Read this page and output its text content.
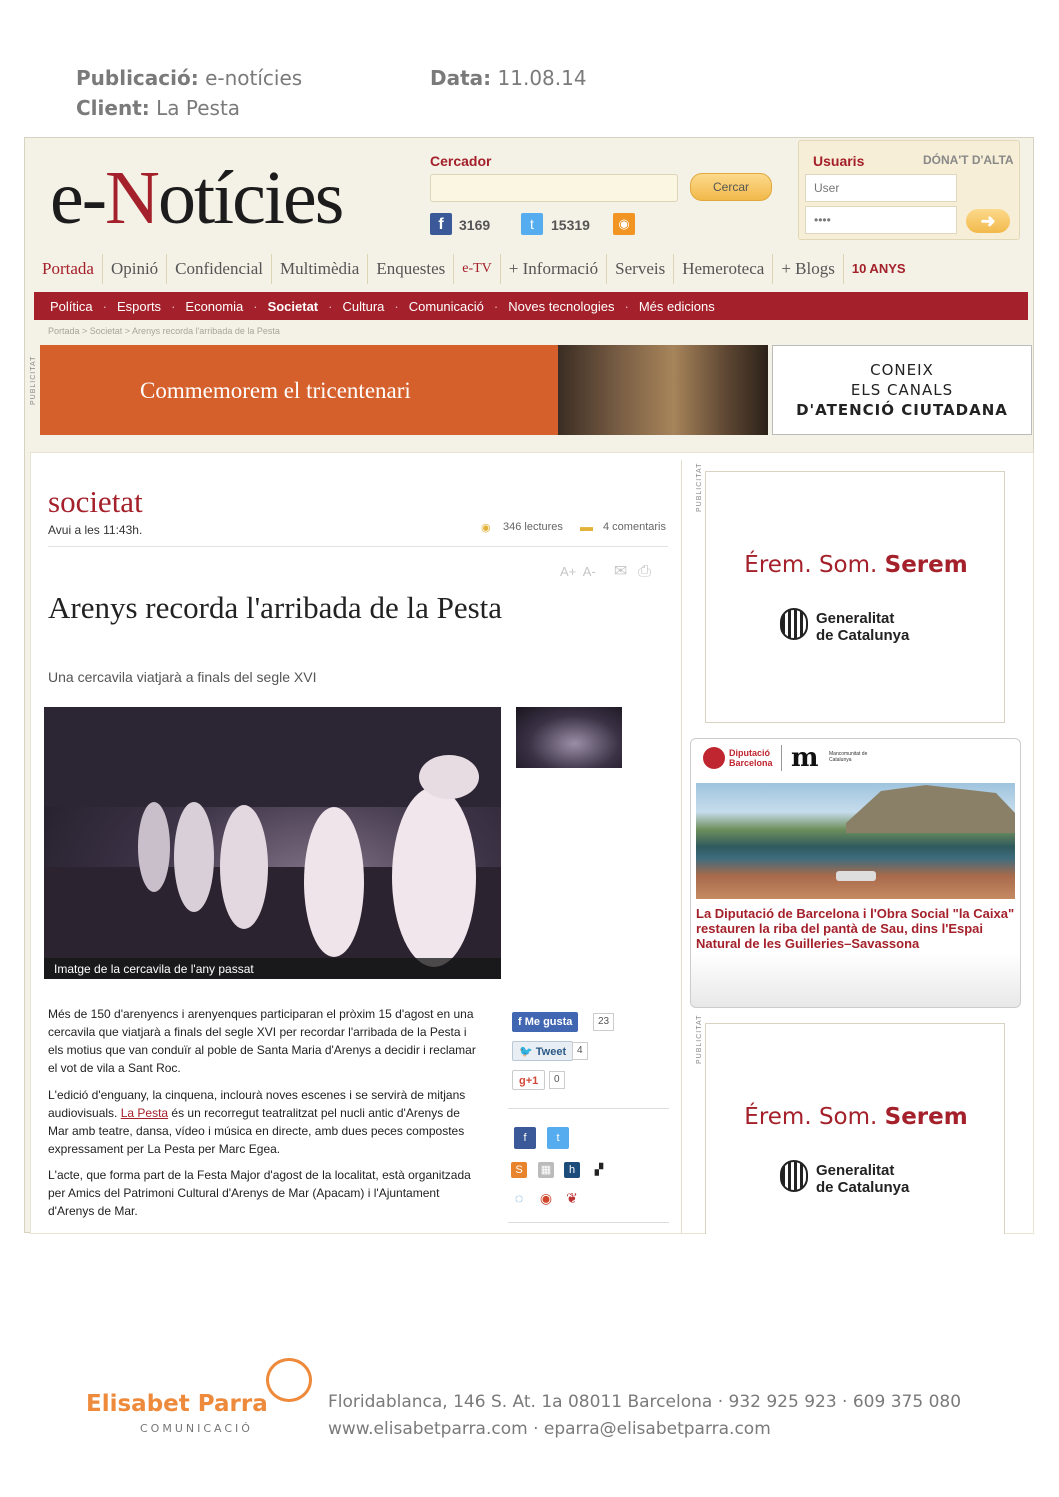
Publicació: e-notícies
Client: La Pesta
Data: 11.08.14
e-Notícies	Cercador
Cercar
f	3169	t	15319	◉
Usuaris	DÓNA'T D'ALTA
User
••••	➜
Portada	Opinió	Confidencial	Multimèdia	Enquestes	e-TV	+ Informació	Serveis	Hemeroteca	+ Blogs	10 ANYS
Política · Esports · Economia · Societat · Cultura · Comunicació · Noves tecnologies · Més edicions
Portada > Societat > Arenys recorda l'arribada de la Pesta
PUBLICITAT	Commemorem el tricentenari
CONEIX
ELS CANALS
D'ATENCIÓ CIUTADANA
societat
Avui a les 11:43h.	◉ 346 lectures ▬ 4 comentaris
A+ A- ✉ ⎙
Arenys recorda l'arribada de la Pesta
Una cercavila viatjarà a finals del segle XVI
Imatge de la cercavila de l'any passat
Més de 150 d'arenyencs i arenyenques participaran el pròxim 15 d'agost en una cercavila que viatjarà a finals del segle XVI per recordar l'arribada de la Pesta i els motius que van conduïr al poble de Santa Maria d'Arenys a decidir i reclamar el vot de vila a Sant Roc.
L'edició d'enguany, la cinquena, inclourà noves escenes i se servirà de mitjans audiovisuals. La Pesta és un recorregut teatralitzat pel nucli antic d'Arenys de Mar amb teatre, dansa, vídeo i música en directe, amb dues peces compostes expressament per La Pesta per Marc Egea.
L'acte, que forma part de la Festa Major d'agost de la localitat, està organitzada per Amics del Patrimoni Cultural d'Arenys de Mar (Apacam) i l'Ajuntament d'Arenys de Mar.
f Me gusta	23
🐦 Tweet	4
g+1	0
f	t
S	▦	h	▞
◌ ◉ ❦
PUBLICITAT
Érem. Som. Serem
Generalitat
de Catalunya
Diputació
Barcelona m Mancomunitat de Catalunya
La Diputació de Barcelona i l'Obra Social "la Caixa" restauren la riba del pantà de Sau, dins l'Espai Natural de les Guilleries–Savassona
PUBLICITAT
Érem. Som. Serem
Generalitat
de Catalunya
Elisabet Parra
COMUNICACIÓ
Floridablanca, 146 S. At. 1a 08011 Barcelona · 932 925 923 · 609 375 080
www.elisabetparra.com · eparra@elisabetparra.com
